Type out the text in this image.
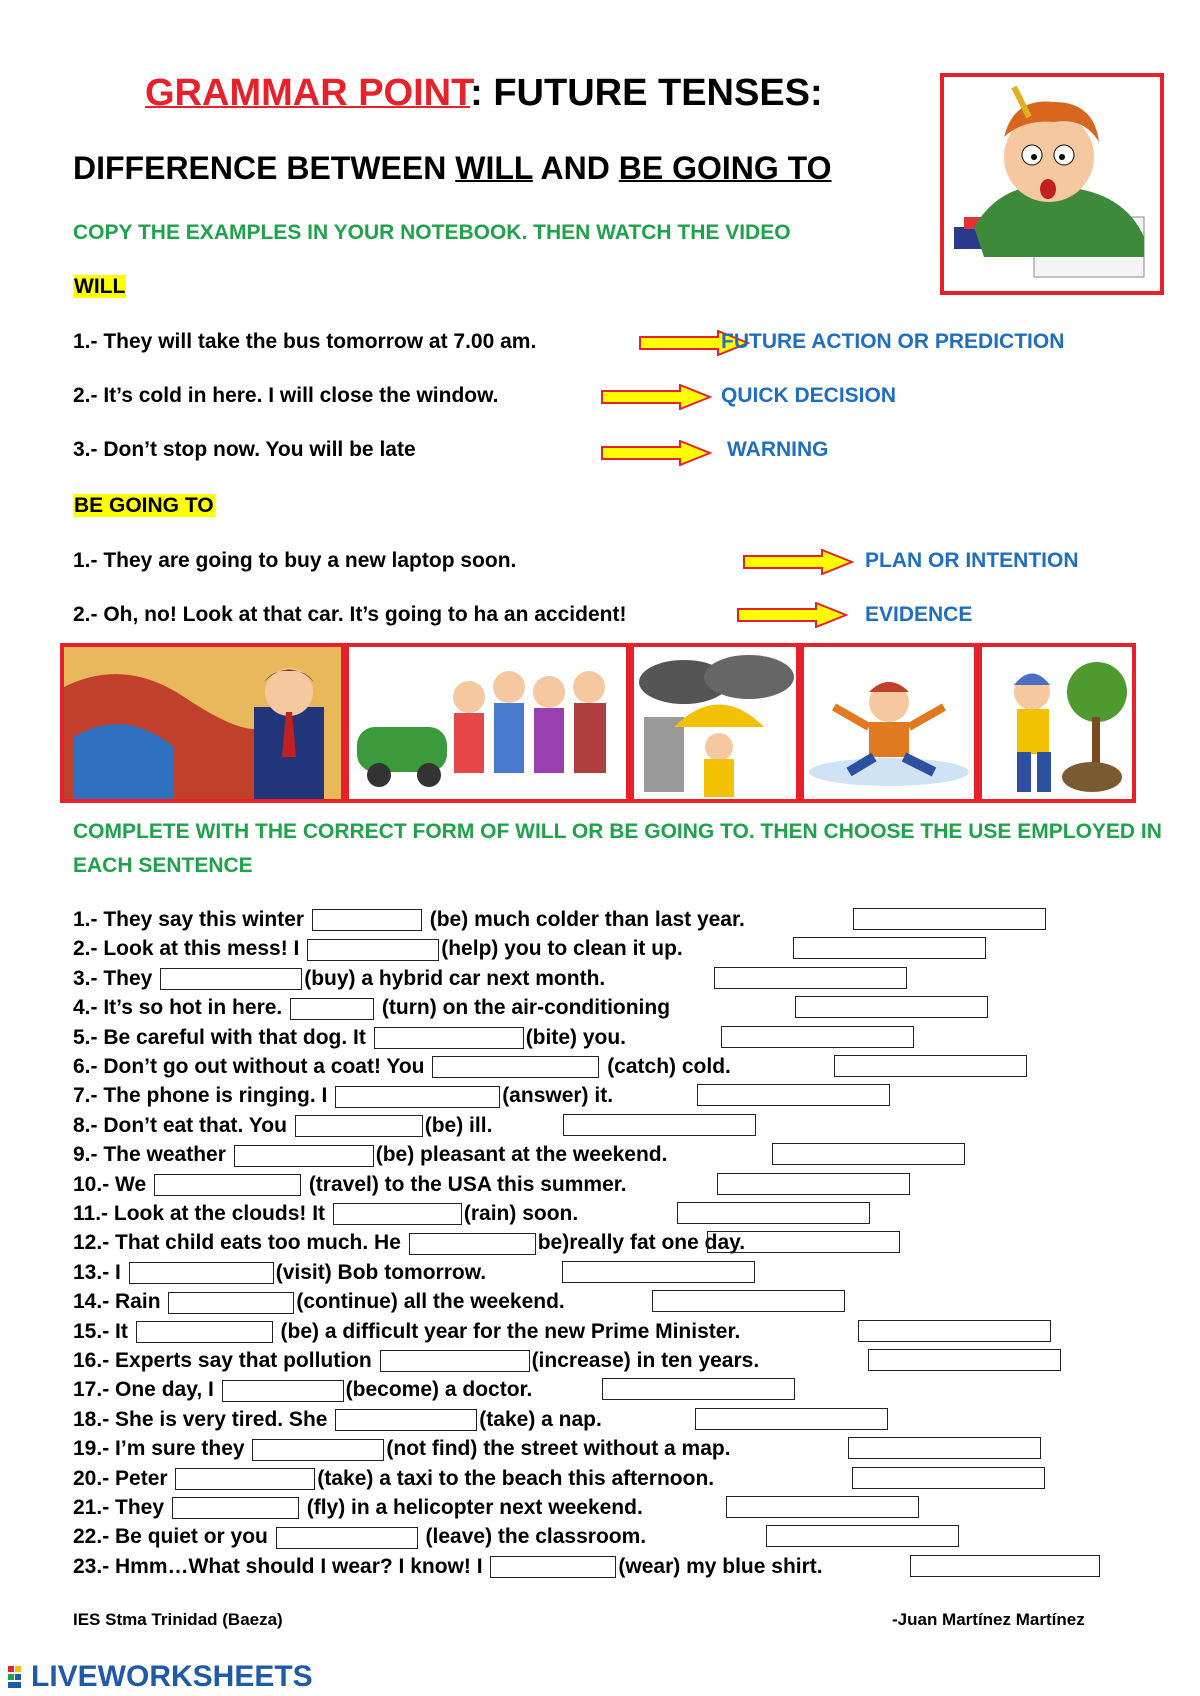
GRAMMAR POINT: FUTURE TENSES:
DIFFERENCE BETWEEN WILL AND BE GOING TO
COPY THE EXAMPLES IN YOUR NOTEBOOK. THEN WATCH THE VIDEO
WILL
1.- They will take the bus tomorrow at 7.00 am.	FUTURE ACTION OR PREDICTION
2.- It’s cold in here. I will close the window.	QUICK DECISION
3.- Don’t stop now. You will be late	WARNING
BE GOING TO
1.- They are going to buy a new laptop soon.	PLAN OR INTENTION
2.- Oh, no! Look at that car. It’s going to ha an accident!	EVIDENCE
COMPLETE WITH THE CORRECT FORM OF WILL OR BE GOING TO. THEN CHOOSE THE USE EMPLOYED IN EACH SENTENCE
1.- They say this winter	(be) much colder than last year.
2.- Look at this mess! I	(help) you to clean it up.
3.- They	(buy) a hybrid car next month.
4.- It’s so hot in here.	(turn) on the air-conditioning
5.- Be careful with that dog. It	(bite) you.
6.- Don’t go out without a coat! You	(catch) cold.
7.- The phone is ringing. I	(answer) it.
8.- Don’t eat that. You	(be) ill.
9.- The weather	(be) pleasant at the weekend.
10.- We	(travel) to the USA this summer.
11.- Look at the clouds! It	(rain) soon.
12.- That child eats too much. He	be)really fat one day.
13.- I	(visit) Bob tomorrow.
14.- Rain	(continue) all the weekend.
15.- It	(be) a difficult year for the new Prime Minister.
16.- Experts say that pollution	(increase) in ten years.
17.- One day, I	(become) a doctor.
18.- She is very tired. She	(take) a nap.
19.- I’m sure they	(not find) the street without a map.
20.- Peter	(take) a taxi to the beach this afternoon.
21.- They	(fly) in a helicopter next weekend.
22.- Be quiet or you	(leave) the classroom.
23.- Hmm…What should I wear? I know! I	(wear) my blue shirt.
IES Stma Trinidad (Baeza)	-Juan Martínez Martínez
LIVEWORKSHEETS
